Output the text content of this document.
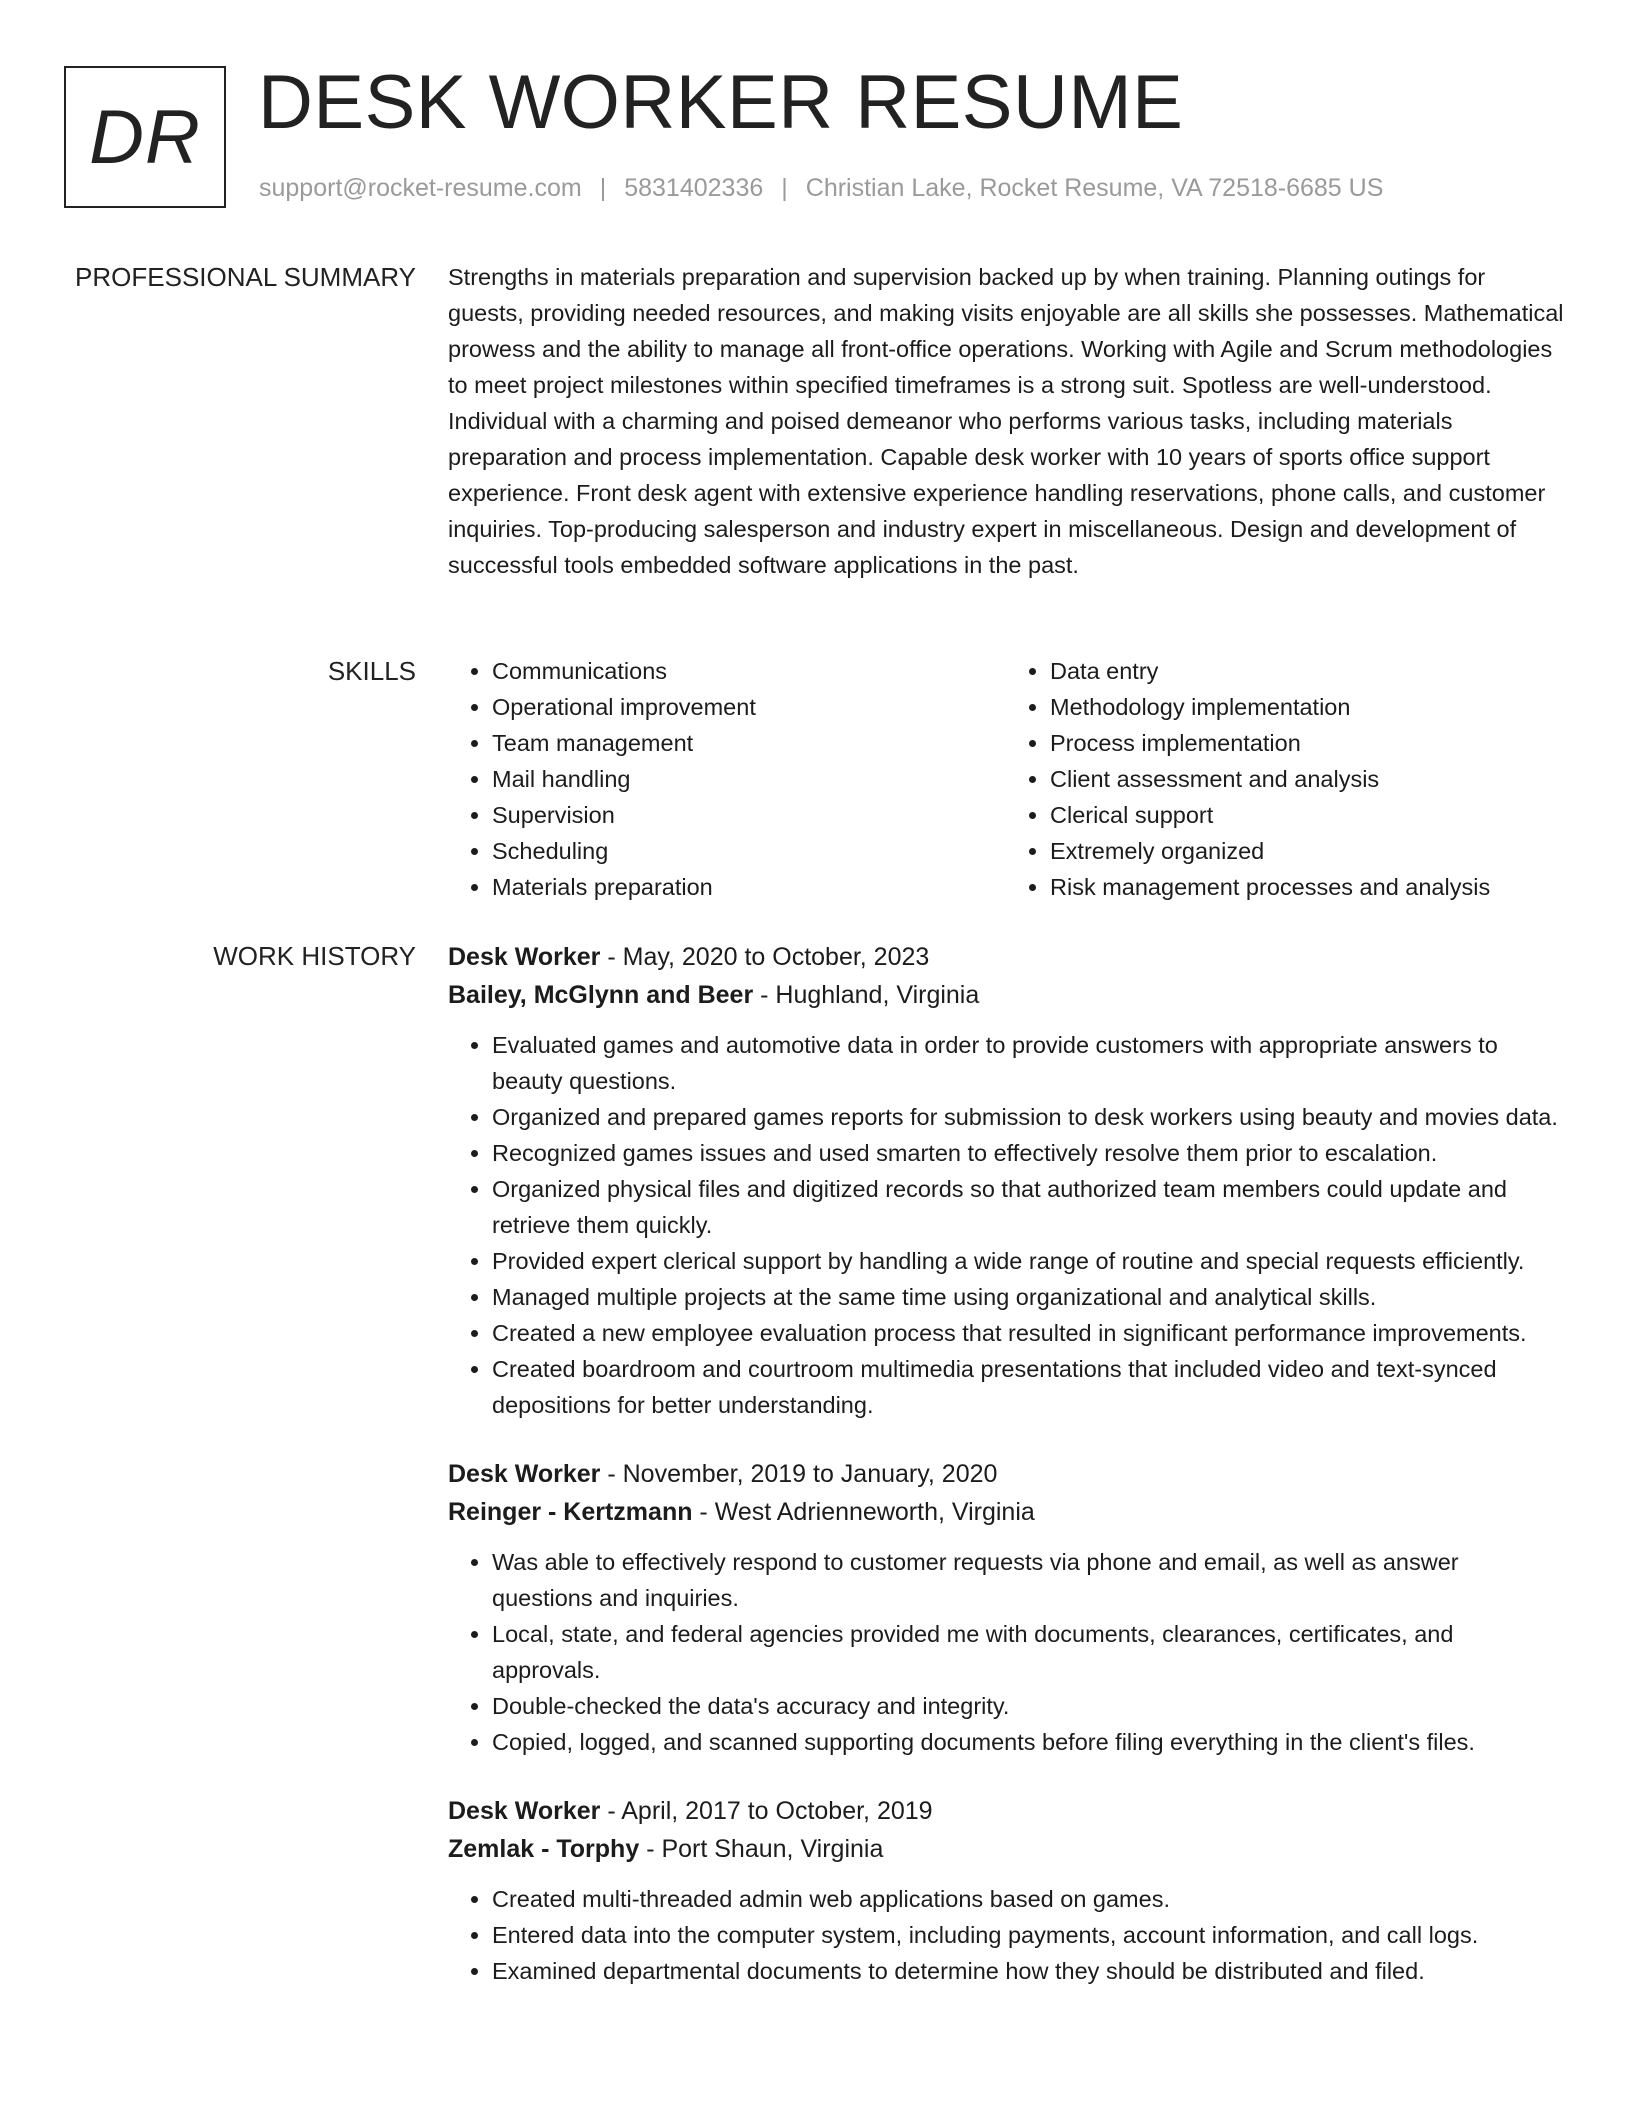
DR DESK WORKER RESUME
support@rocket-resume.com | 5831402336 | Christian Lake, Rocket Resume, VA 72518-6685 US
PROFESSIONAL SUMMARY Strengths in materials preparation and supervision backed up by when training. Planning outings for guests, providing needed resources, and making visits enjoyable are all skills she possesses. Mathematical prowess and the ability to manage all front-office operations. Working with Agile and Scrum methodologies to meet project milestones within specified timeframes is a strong suit. Spotless are well-understood. Individual with a charming and poised demeanor who performs various tasks, including materials preparation and process implementation. Capable desk worker with 10 years of sports office support experience. Front desk agent with extensive experience handling reservations, phone calls, and customer inquiries. Top-producing salesperson and industry expert in miscellaneous. Design and development of successful tools embedded software applications in the past.

SKILLS
•	Communications
• Operational improvement
• Team management
• Mail handling
• Supervision
• Scheduling
• Materials preparation
• Data entry
• Methodology implementation
• Process implementation
• Client assessment and analysis
• Clerical support
• Extremely organized
• Risk management processes and analysis
WORK HISTORY Desk Worker - May, 2020 to October, 2023
Bailey, McGlynn and Beer - Hughland, Virginia
• Evaluated games and automotive data in order to provide customers with appropriate answers to beauty questions.
• Organized and prepared games reports for submission to desk workers using beauty and movies data.
• Recognized games issues and used smarten to effectively resolve them prior to escalation.
• Organized physical files and digitized records so that authorized team members could update and retrieve them quickly.
• Provided expert clerical support by handling a wide range of routine and special requests efficiently.
• Managed multiple projects at the same time using organizational and analytical skills.
• Created a new employee evaluation process that resulted in significant performance improvements.
• Created boardroom and courtroom multimedia presentations that included video and text-synced depositions for better understanding.
Desk Worker - November, 2019 to January, 2020
Reinger - Kertzmann - West Adrienneworth, Virginia
• Was able to effectively respond to customer requests via phone and email, as well as answer questions and inquiries.
• Local, state, and federal agencies provided me with documents, clearances, certificates, and approvals.
• Double-checked the data's accuracy and integrity.
• Copied, logged, and scanned supporting documents before filing everything in the client's files.
Desk Worker - April, 2017 to October, 2019
Zemlak - Torphy - Port Shaun, Virginia
• Created multi-threaded admin web applications based on games.
• Entered data into the computer system, including payments, account information, and call logs.
• Examined departmental documents to determine how they should be distributed and filed.
